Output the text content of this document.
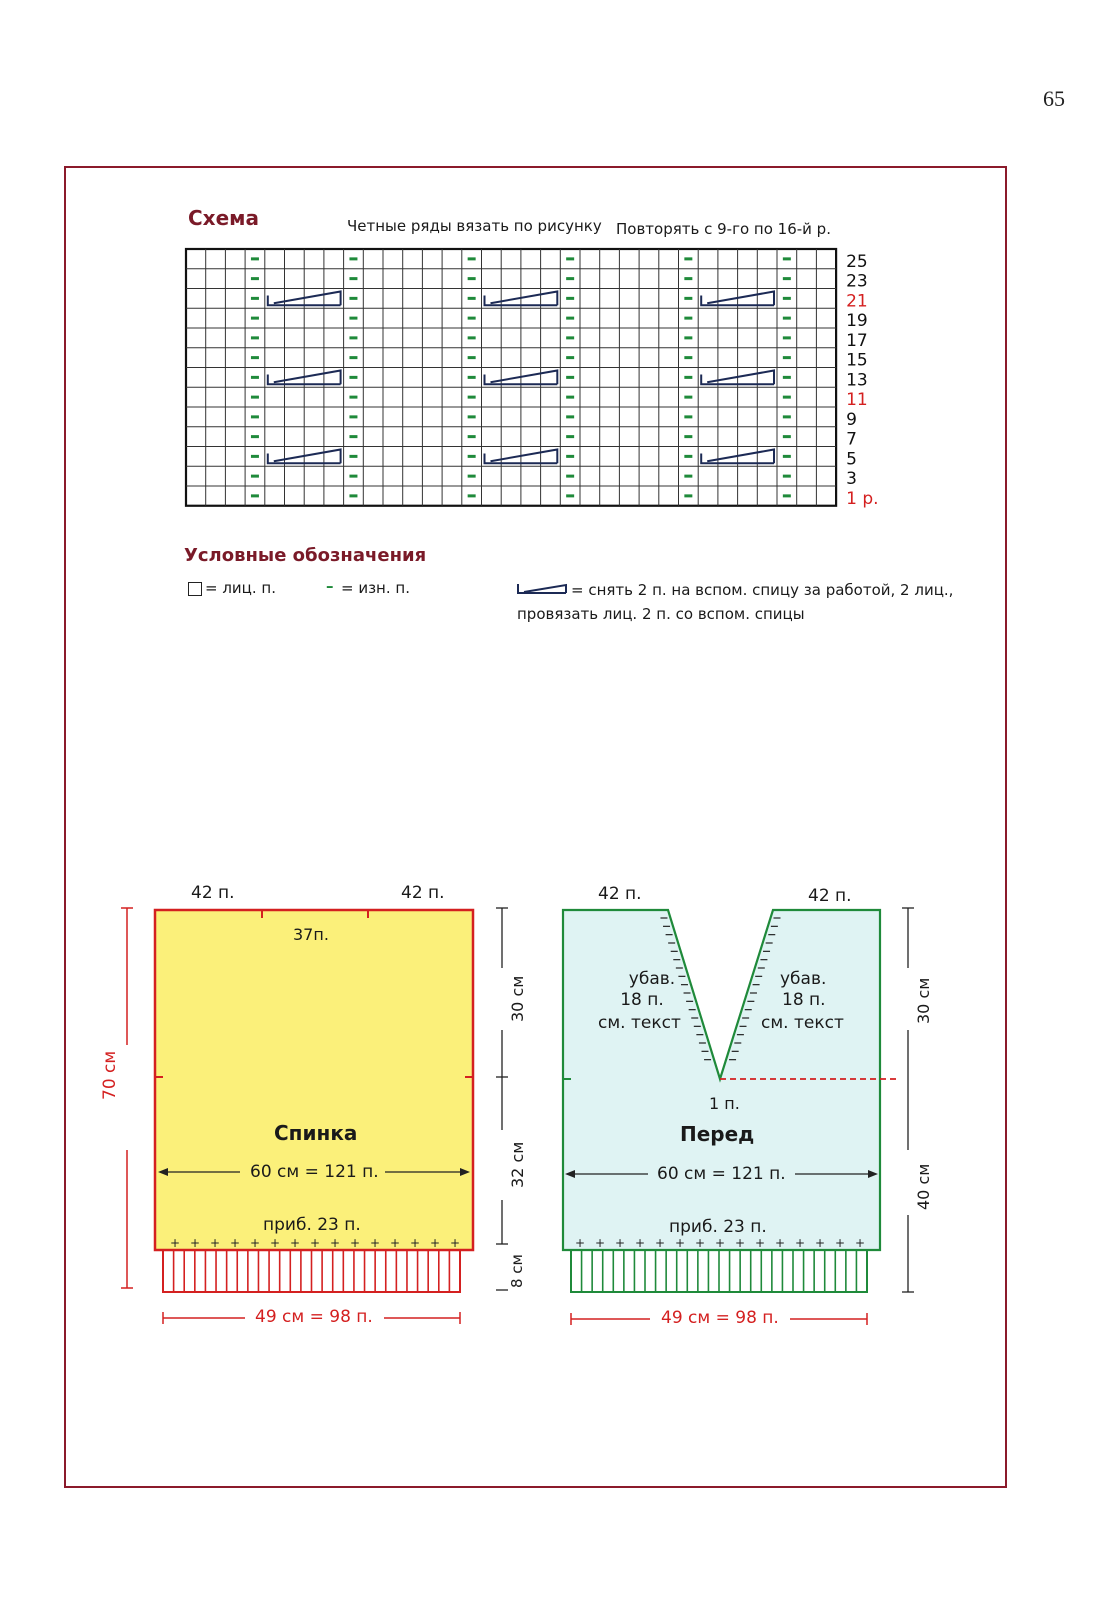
65
Схема	Четные ряды вязать по рисунку Повторять с 9-го по 16-й р.
25
23
21
19
17
15
13
11
9
7
5
3
1 р.
Условные обозначения
= лиц. п.	– = изн. п.	= снять 2 п. на вспом. спицу за работой, 2 лиц.,
провязать лиц. 2 п. со вспом. спицы
+ + + + + + + + + + + + + + +	+ + + + + + + + + + + + + + +
42 п.	42 п.
37п.
Спинка
60 см = 121 п.
приб. 23 п.
49 см = 98 п.
70 см
30 см
32 см
8 см
42 п.	42 п.
убав.
18 п.
см. текст
убав.
18 п.
см. текст
1 п.
Перед
60 см = 121 п.
приб. 23 п.
49 см = 98 п.
30 см
40 см
